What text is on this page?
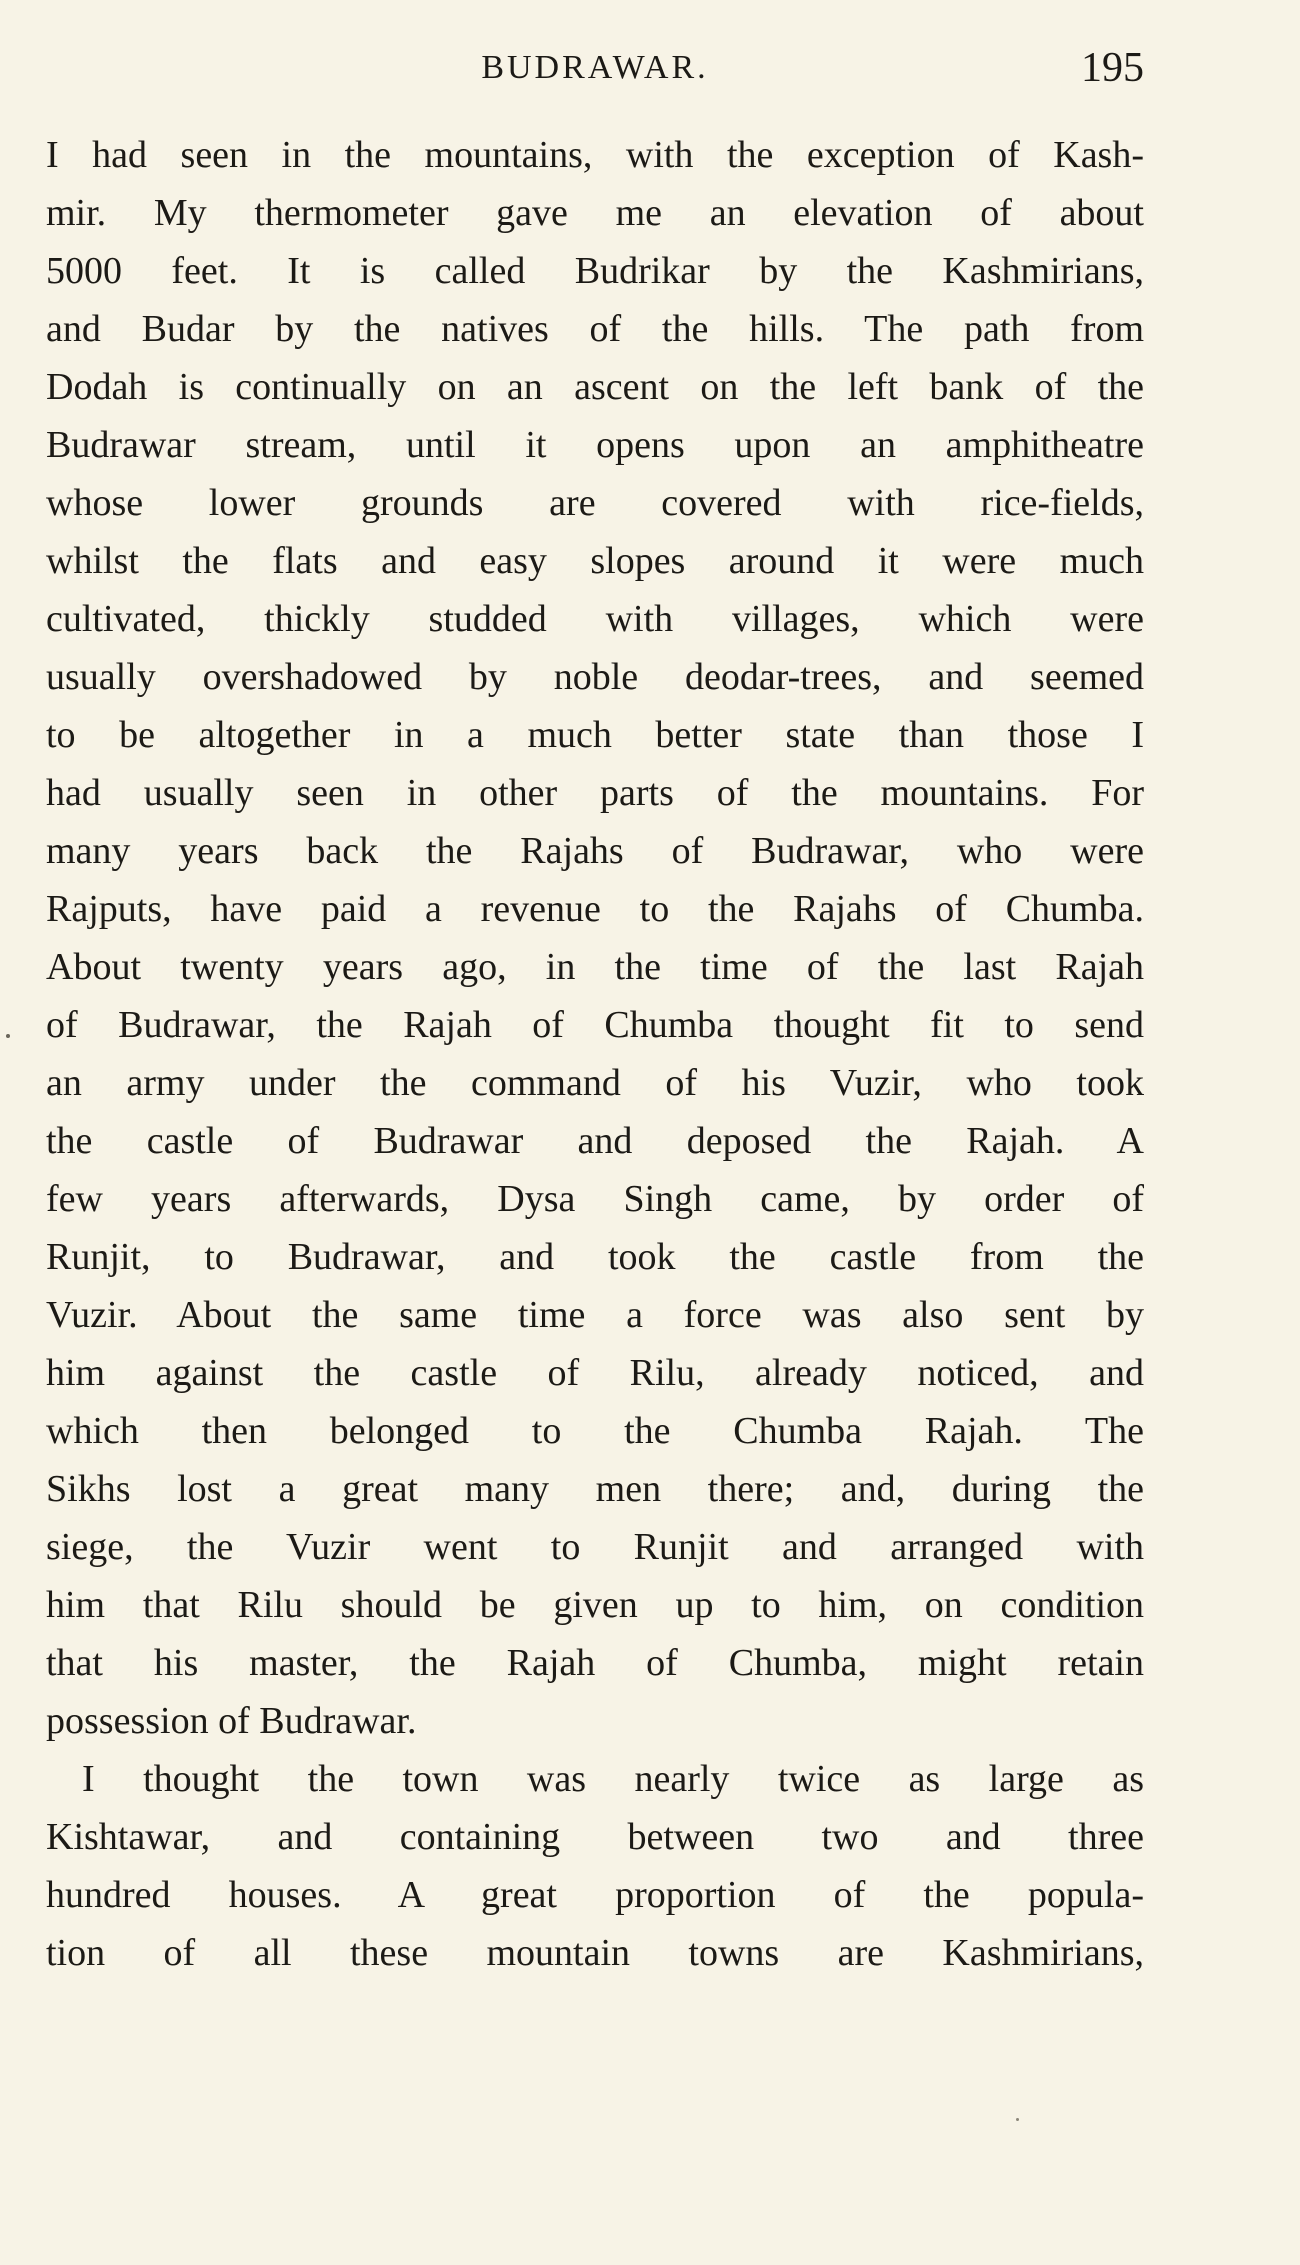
BUDRAWAR.	195
I had seen in the mountains, with the exception of Kash-
mir. My thermometer gave me an elevation of about
5000 feet. It is called Budrikar by the Kashmirians,
and Budar by the natives of the hills. The path from
Dodah is continually on an ascent on the left bank of the
Budrawar stream, until it opens upon an amphitheatre
whose lower grounds are covered with rice-fields,
whilst the flats and easy slopes around it were much
cultivated, thickly studded with villages, which were
usually overshadowed by noble deodar-trees, and seemed
to be altogether in a much better state than those I
had usually seen in other parts of the mountains. For
many years back the Rajahs of Budrawar, who were
Rajputs, have paid a revenue to the Rajahs of Chumba.
About twenty years ago, in the time of the last Rajah
of Budrawar, the Rajah of Chumba thought fit to send
an army under the command of his Vuzir, who took
the castle of Budrawar and deposed the Rajah. A
few years afterwards, Dysa Singh came, by order of
Runjit, to Budrawar, and took the castle from the
Vuzir. About the same time a force was also sent by
him against the castle of Rilu, already noticed, and
which then belonged to the Chumba Rajah. The
Sikhs lost a great many men there; and, during the
siege, the Vuzir went to Runjit and arranged with
him that Rilu should be given up to him, on condition
that his master, the Rajah of Chumba, might retain
possession of Budrawar.
I thought the town was nearly twice as large as
Kishtawar, and containing between two and three
hundred houses. A great proportion of the popula-
tion of all these mountain towns are Kashmirians,
